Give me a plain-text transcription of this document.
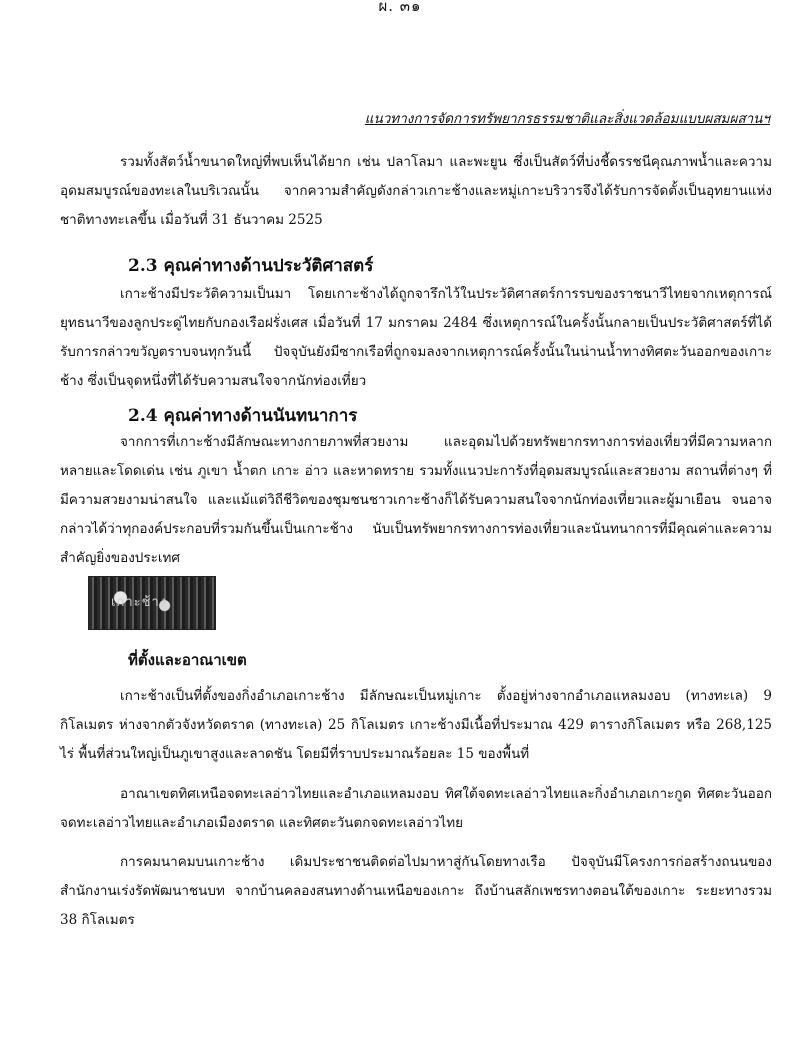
ผ. ๓๑
แนวทางการจัดการทรัพยากรธรรมชาติและสิ่งแวดล้อมแบบผสมผสานฯ

รวมทั้งสัตว์น้ำขนาดใหญ่ที่พบเห็นได้ยาก เช่น ปลาโลมา และพะยูน ซึ่งเป็นสัตว์ที่บ่งชี้ดรรชนีคุณภาพน้ำและความอุดมสมบูรณ์ของทะเลในบริเวณนั้น จากความสำคัญดังกล่าวเกาะช้างและหมู่เกาะบริวารจึงได้รับการจัดตั้งเป็นอุทยานแห่งชาติทางทะเลขึ้น เมื่อวันที่ 31 ธันวาคม 2525

2.3 คุณค่าทางด้านประวัติศาสตร์

เกาะช้างมีประวัติความเป็นมา โดยเกาะช้างได้ถูกจารึกไว้ในประวัติศาสตร์การรบของราชนาวีไทยจากเหตุการณ์ยุทธนาวีของลูกประดู่ไทยกับกองเรือฝรั่งเศส เมื่อวันที่ 17 มกราคม 2484 ซึ่งเหตุการณ์ในครั้งนั้นกลายเป็นประวัติศาสตร์ที่ได้รับการกล่าวขวัญตราบจนทุกวันนี้ ปัจจุบันยังมีซากเรือที่ถูกจมลงจากเหตุการณ์ครั้งนั้นในน่านน้ำทางทิศตะวันออกของเกาะช้าง ซึ่งเป็นจุดหนึ่งที่ได้รับความสนใจจากนักท่องเที่ยว

2.4 คุณค่าทางด้านนันทนาการ

จากการที่เกาะช้างมีลักษณะทางกายภาพที่สวยงาม และอุดมไปด้วยทรัพยากรทางการท่องเที่ยวที่มีความหลากหลายและโดดเด่น เช่น ภูเขา น้ำตก เกาะ อ่าว และหาดทราย รวมทั้งแนวปะการังที่อุดมสมบูรณ์และสวยงาม สถานที่ต่างๆ ที่มีความสวยงามน่าสนใจ และแม้แต่วิถีชีวิตของชุมชนชาวเกาะช้างก็ได้รับความสนใจจากนักท่องเที่ยวและผู้มาเยือน จนอาจกล่าวได้ว่าทุกองค์ประกอบที่รวมกันขึ้นเป็นเกาะช้าง นับเป็นทรัพยากรทางการท่องเที่ยวและนันทนาการที่มีคุณค่าและความสำคัญยิ่งของประเทศ

เกาะช้าง
ที่ตั้งและอาณาเขต

เกาะช้างเป็นที่ตั้งของกิ่งอำเภอเกาะช้าง มีลักษณะเป็นหมู่เกาะ ตั้งอยู่ห่างจากอำเภอแหลมงอบ (ทางทะเล) 9 กิโลเมตร ห่างจากตัวจังหวัดตราด (ทางทะเล) 25 กิโลเมตร เกาะช้างมีเนื้อที่ประมาณ 429 ตารางกิโลเมตร หรือ 268,125 ไร่ พื้นที่ส่วนใหญ่เป็นภูเขาสูงและลาดชัน โดยมีที่ราบประมาณร้อยละ 15 ของพื้นที่

อาณาเขตทิศเหนือจดทะเลอ่าวไทยและอำเภอแหลมงอบ ทิศใต้จดทะเลอ่าวไทยและกิ่งอำเภอเกาะกูด ทิศตะวันออกจดทะเลอ่าวไทยและอำเภอเมืองตราด และทิศตะวันตกจดทะเลอ่าวไทย

การคมนาคมบนเกาะช้าง เดิมประชาชนติดต่อไปมาหาสู่กันโดยทางเรือ ปัจจุบันมีโครงการก่อสร้างถนนของสำนักงานเร่งรัดพัฒนาชนบท จากบ้านคลองสนทางด้านเหนือของเกาะ ถึงบ้านสลักเพชรทางตอนใต้ของเกาะ ระยะทางรวม 38 กิโลเมตร
